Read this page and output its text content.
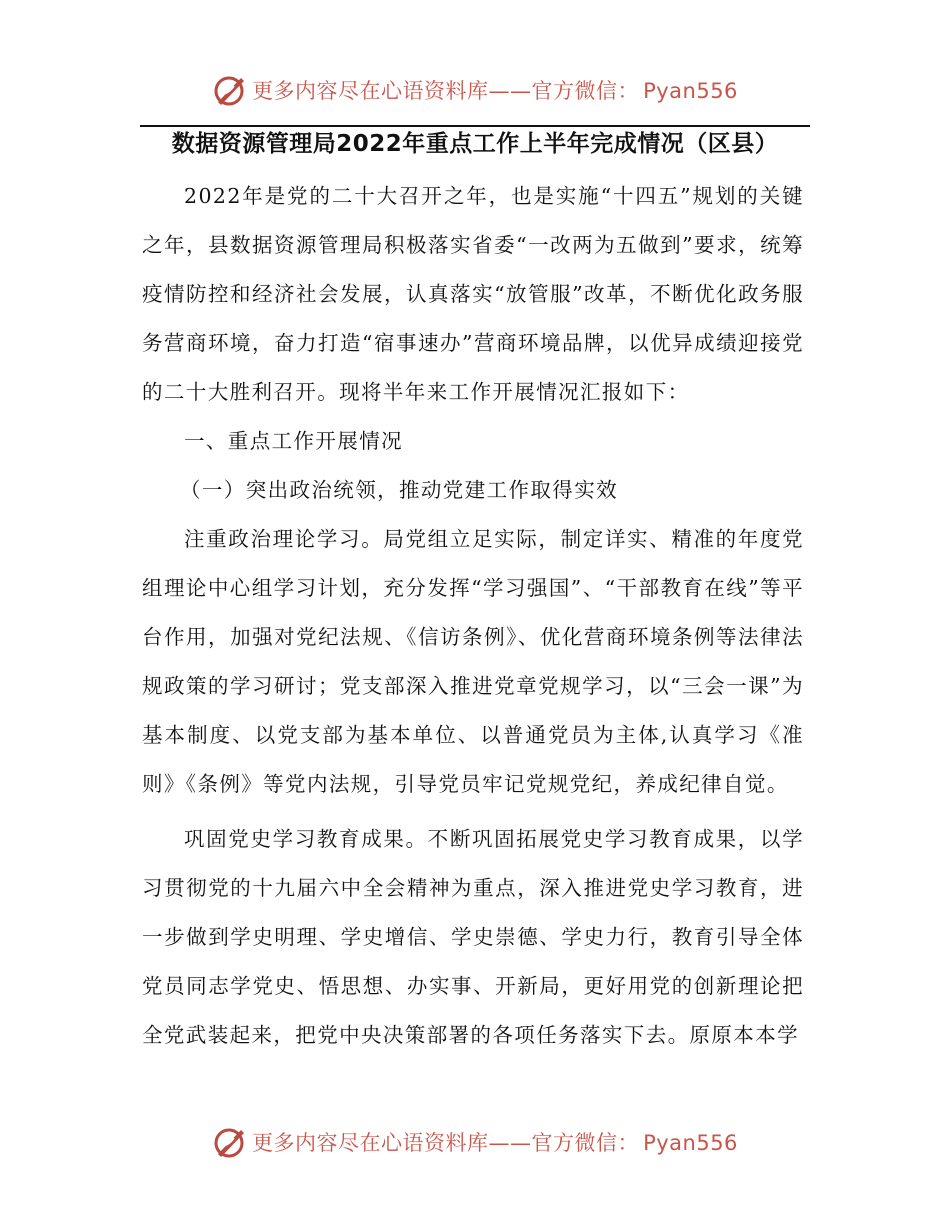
更多内容尽在心语资料库——官方微信： Pyan556
数据资源管理局2022年重点工作上半年完成情况（区县）

2022年是党的二十大召开之年，也是实施“十四五”规划的关键之年，县数据资源管理局积极落实省委“一改两为五做到”要求，统筹疫情防控和经济社会发展，认真落实“放管服”改革，不断优化政务服务营商环境，奋力打造“宿事速办”营商环境品牌，以优异成绩迎接党的二十大胜利召开。现将半年来工作开展情况汇报如下：

一、重点工作开展情况

（一）突出政治统领，推动党建工作取得实效

注重政治理论学习。局党组立足实际，制定详实、精准的年度党组理论中心组学习计划，充分发挥“学习强国”、“干部教育在线”等平台作用，加强对党纪法规、《信访条例》、优化营商环境条例等法律法规政策的学习研讨；党支部深入推进党章党规学习，以“三会一课”为基本制度、以党支部为基本单位、以普通党员为主体,认真学习《准则》《条例》等党内法规，引导党员牢记党规党纪，养成纪律自觉。

巩固党史学习教育成果。不断巩固拓展党史学习教育成果，以学习贯彻党的十九届六中全会精神为重点，深入推进党史学习教育，进一步做到学史明理、学史增信、学史崇德、学史力行，教育引导全体党员同志学党史、悟思想、办实事、开新局，更好用党的创新理论把全党武装起来，把党中央决策部署的各项任务落实下去。原原本本学

更多内容尽在心语资料库——官方微信： Pyan556
